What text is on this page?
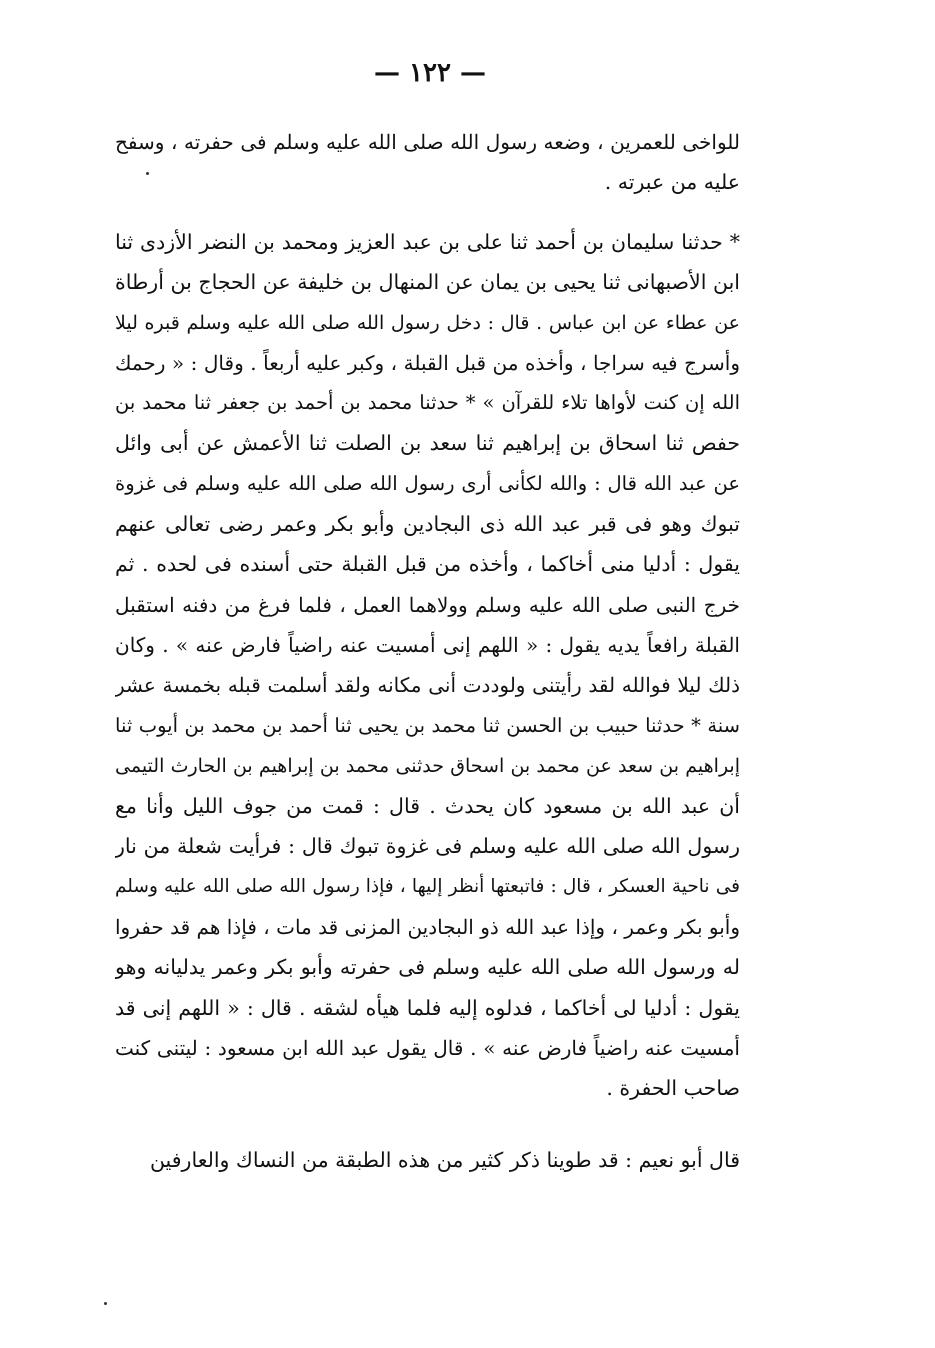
— ١٢٢ —
للواخى للعمرين ، وضعه رسول الله صلى الله عليه وسلم فى حفرته ، وسفح
عليه من عبرته .
* حدثنا سليمان بن أحمد ثنا على بن عبد العزيز ومحمد بن النضر الأزدى ثنا
ابن الأصبهانى ثنا يحيى بن يمان عن المنهال بن خليفة عن الحجاج بن أرطاة
عن عطاء عن ابن عباس . قال : دخل رسول الله صلى الله عليه وسلم قبره ليلا
وأسرج فيه سراجا ، وأخذه من قبل القبلة ، وكبر عليه أربعاً . وقال : « رحمك
الله إن كنت لأواها تلاء للقرآن » * حدثنا محمد بن أحمد بن جعفر ثنا محمد بن
حفص ثنا اسحاق بن إبراهيم ثنا سعد بن الصلت ثنا الأعمش عن أبى وائل
عن عبد الله قال : والله لكأنى أرى رسول الله صلى الله عليه وسلم فى غزوة
تبوك وهو فى قبر عبد الله ذى البجادين وأبو بكر وعمر رضى تعالى عنهم
يقول : أدليا منى أخاكما ، وأخذه من قبل القبلة حتى أسنده فى لحده . ثم
خرج النبى صلى الله عليه وسلم وولاهما العمل ، فلما فرغ من دفنه استقبل
القبلة رافعاً يديه يقول : « اللهم إنى أمسيت عنه راضياً فارض عنه » . وكان
ذلك ليلا فوالله لقد رأيتنى ولوددت أنى مكانه ولقد أسلمت قبله بخمسة عشر
سنة * حدثنا حبيب بن الحسن ثنا محمد بن يحيى ثنا أحمد بن محمد بن أيوب ثنا
إبراهيم بن سعد عن محمد بن اسحاق حدثنى محمد بن إبراهيم بن الحارث التيمى
أن عبد الله بن مسعود كان يحدث . قال : قمت من جوف الليل وأنا مع
رسول الله صلى الله عليه وسلم فى غزوة تبوك قال : فرأيت شعلة من نار
فى ناحية العسكر ، قال : فاتبعتها أنظر إليها ، فإذا رسول الله صلى الله عليه وسلم
وأبو بكر وعمر ، وإذا عبد الله ذو البجادين المزنى قد مات ، فإذا هم قد حفروا
له ورسول الله صلى الله عليه وسلم فى حفرته وأبو بكر وعمر يدليانه وهو
يقول : أدليا لى أخاكما ، فدلوه إليه فلما هيأه لشقه . قال : « اللهم إنى قد
أمسيت عنه راضياً فارض عنه » . قال يقول عبد الله ابن مسعود : ليتنى كنت
صاحب الحفرة .
قال أبو نعيم : قد طوينا ذكر كثير من هذه الطبقة من النساك والعارفين
